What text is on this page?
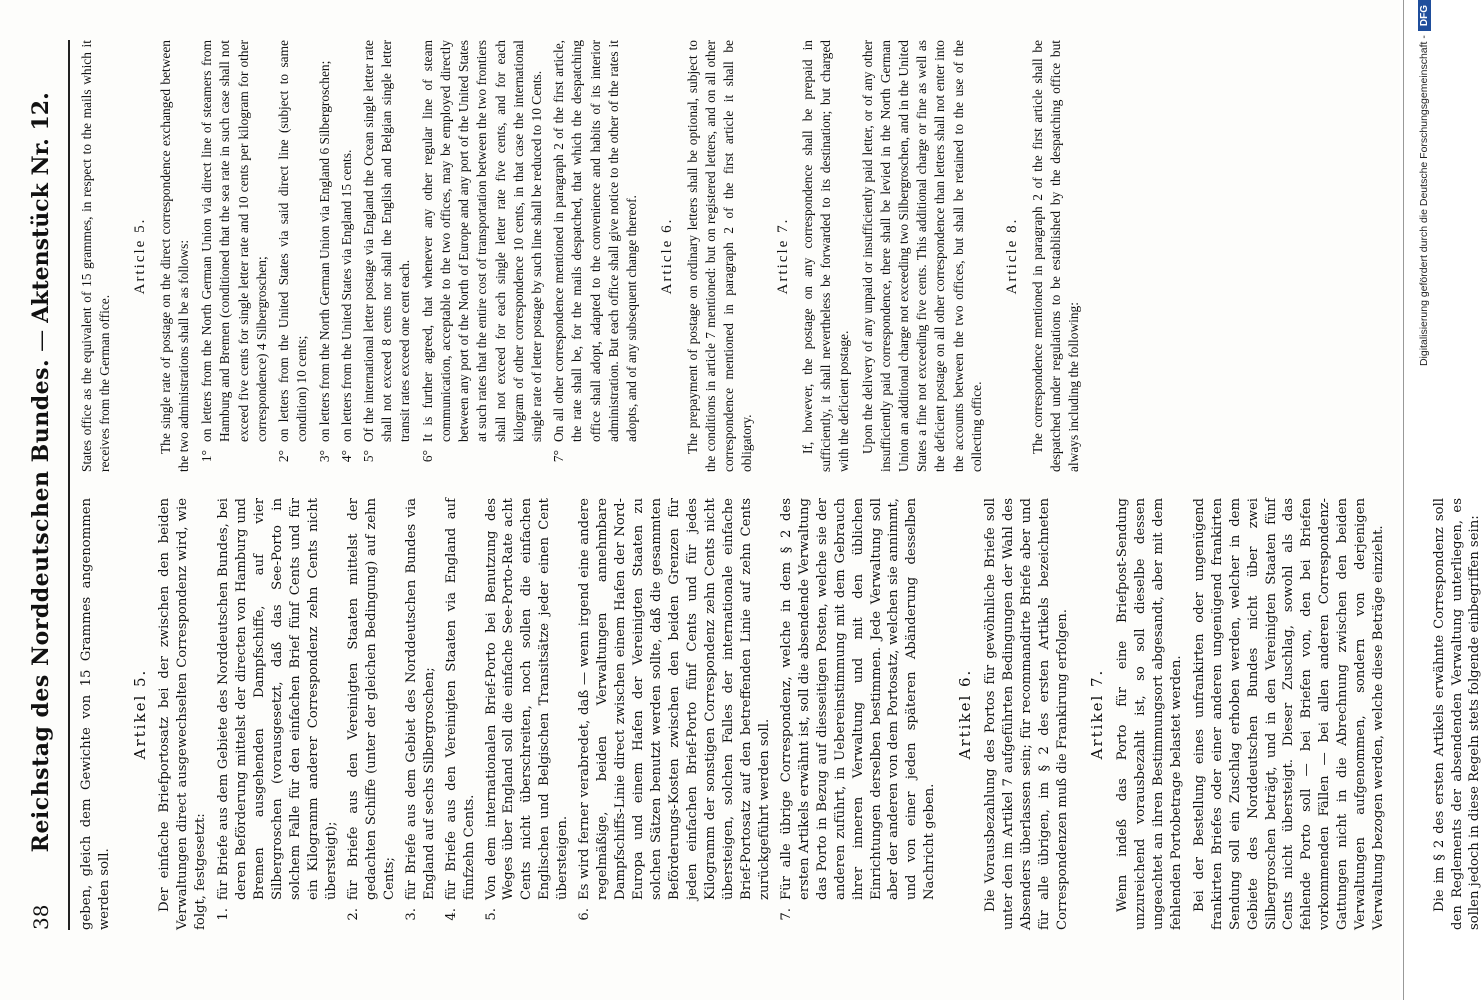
38
Reichstag des Norddeutschen Bundes. — Aktenstück Nr. 12.

geben, gleich dem Gewichte von 15 Grammes angenommen werden soll.

Artikel 5. Der einfache Briefportosatz bei der zwischen den beiden Verwaltungen direct ausgewechselten Correspondenz wird, wie folgt, festgesetzt: 1.
für Briefe aus dem Gebiete des Norddeutschen Bundes, bei deren Beförderung mittelst der directen von Hamburg und Bremen ausgehenden Dampfschiffe, auf vier Silbergroschen (vorausgesetzt, daß das See-Porto in solchem Falle für den einfachen Brief fünf Cents und für ein Kilogramm anderer Correspondenz zehn Cents nicht übersteigt);
2.
für Briefe aus den Vereinigten Staaten mittelst der gedachten Schiffe (unter der gleichen Bedingung) auf zehn Cents;
3.
für Briefe aus dem Gebiet des Norddeutschen Bundes via England auf sechs Silbergroschen;
4.
für Briefe aus den Vereinigten Staaten via England auf fünfzehn Cents.
5.
Von dem internationalen Brief-Porto bei Benutzung des Weges über England soll die einfache See-Porto-Rate acht Cents nicht überschreiten, noch sollen die einfachen Englischen und Belgischen Transitsätze jeder einen Cent übersteigen.
6.
Es wird ferner verabredet, daß — wenn irgend eine andere regelmäßige, beiden Verwaltungen annehmbare Dampfschiffs-Linie direct zwischen einem Hafen der Nord-Europa und einem Hafen der Vereinigten Staaten zu solchen Sätzen benutzt werden sollte, daß die gesammten Beförderungs-Kosten zwischen den beiden Grenzen für jeden einfachen Brief-Porto fünf Cents und für jedes Kilogramm der sonstigen Correspondenz zehn Cents nicht übersteigen, solchen Falles der internationale einfache Brief-Portosatz auf den betreffenden Linie auf zehn Cents zurückgeführt werden soll.
7.
Für alle übrige Correspondenz, welche in dem § 2 des ersten Artikels erwähnt ist, soll die absendende Verwaltung das Porto in Bezug auf diesseitigen Posten, welche sie der anderen zuführt, in Uebereinstimmung mit dem Gebrauch ihrer inneren Verwaltung und mit den üblichen Einrichtungen derselben bestimmen. Jede Verwaltung soll aber der anderen von dem Portosatz, welchen sie annimmt, und von einer jeden späteren Abänderung desselben Nachricht geben.
Artikel 6. Die Vorausbezahlung des Portos für gewöhnliche Briefe soll unter den im Artikel 7 aufgeführten Bedingungen der Wahl des Absenders überlassen sein; für recommandirte Briefe aber und für alle übrigen, im § 2 des ersten Artikels bezeichneten Correspondenzen muß die Frankirung erfolgen. Artikel 7. Wenn indeß das Porto für eine Briefpost-Sendung unzureichend vorausbezahlt ist, so soll dieselbe dessen ungeachtet an ihren Bestimmungsort abgesandt, aber mit dem fehlenden Portobetrage belastet werden. Bei der Bestellung eines unfrankirten oder ungenügend frankirten Briefes oder einer anderen ungenügend frankirten Sendung soll ein Zuschlag erhoben werden, welcher in dem Gebiete des Norddeutschen Bundes nicht über zwei Silbergroschen beträgt, und in den Vereinigten Staaten fünf Cents nicht übersteigt. Dieser Zuschlag, sowohl als das fehlende Porto soll — bei Briefen von, den bei Briefen vorkommenden Fällen — bei allen anderen Correspondenz-Gattungen nicht in die Abrechnung zwischen den beiden Verwaltungen aufgenommen, sondern von derjenigen Verwaltung bezogen werden, welche diese Beträge einzieht.	Die im § 2 des ersten Artikels erwähnte Correspondenz soll den Reglements der absendenden Verwaltung unterliegen, es sollen jedoch in diese Regeln stets folgende einbegriffen sein:

States office as the equivalent of 15 grammes, in respect to the mails which it receives from the German office.

Article 5. The single rate of postage on the direct correspondence exchanged between the two administrations shall be as follows: 1°
on letters from the North German Union via direct line of steamers from Hamburg and Bremen (conditioned that the sea rate in such case shall not exceed five cents for single letter rate and 10 cents per kilogram for other correspondence) 4 Silbergroschen;
2°
on letters from the United States via said direct line (subject to same condition) 10 cents;
3°
on letters from the North German Union via England 6 Silbergroschen;
4°
on letters from the United States via England 15 cents.
5°
Of the international letter postage via England the Ocean single letter rate shall not exceed 8 cents nor shall the English and Belgian single letter transit rates exceed one cent each.
6°
It is further agreed, that whenever any other regular line of steam communication, acceptable to the two offices, may be employed directly between any port of the North of Europe and any port of the United States at such rates that the entire cost of transportation between the two frontiers shall not exceed for each single letter rate five cents, and for each kilogram of other correspondence 10 cents, in that case the international single rate of letter postage by such line shall be reduced to 10 Cents.
7°
On all other correspondence mentioned in paragraph 2 of the first article, the rate shall be, for the mails despatched, that which the despatching office shall adopt, adapted to the convenience and habits of its interior administration. But each office shall give notice to the other of the rates it adopts, and of any subsequent change thereof. Article 6. The prepayment of postage on ordinary letters shall be optional, subject to the conditions in article 7 mentioned: but on registered letters, and on all other correspondence mentioned in paragraph 2 of the first article it shall be obligatory.

Article 7. If, however, the postage on any correspondence shall be prepaid in sufficiently, it shall nevertheless be forwarded to its destination; but charged with the deficient postage. Upon the delivery of any unpaid or insufficiently paid letter, or of any other insufficiently paid correspondence, there shall be levied in the North German Union an additional charge not exceeding two Silbergroschen, and in the United States a fine not exceeding five cents. This additional charge or fine as well as the deficient postage on all other correspondence than letters shall not enter into the accounts between the two offices, but shall be retained to the use of the collecting office.

Article 8. The correspondence mentioned in paragraph 2 of the first article shall be despatched under regulations to be established by the despatching office but always including the following:

Digitalisierung gefördert durch die Deutsche Forschungsgemeinschaft -
DFG
